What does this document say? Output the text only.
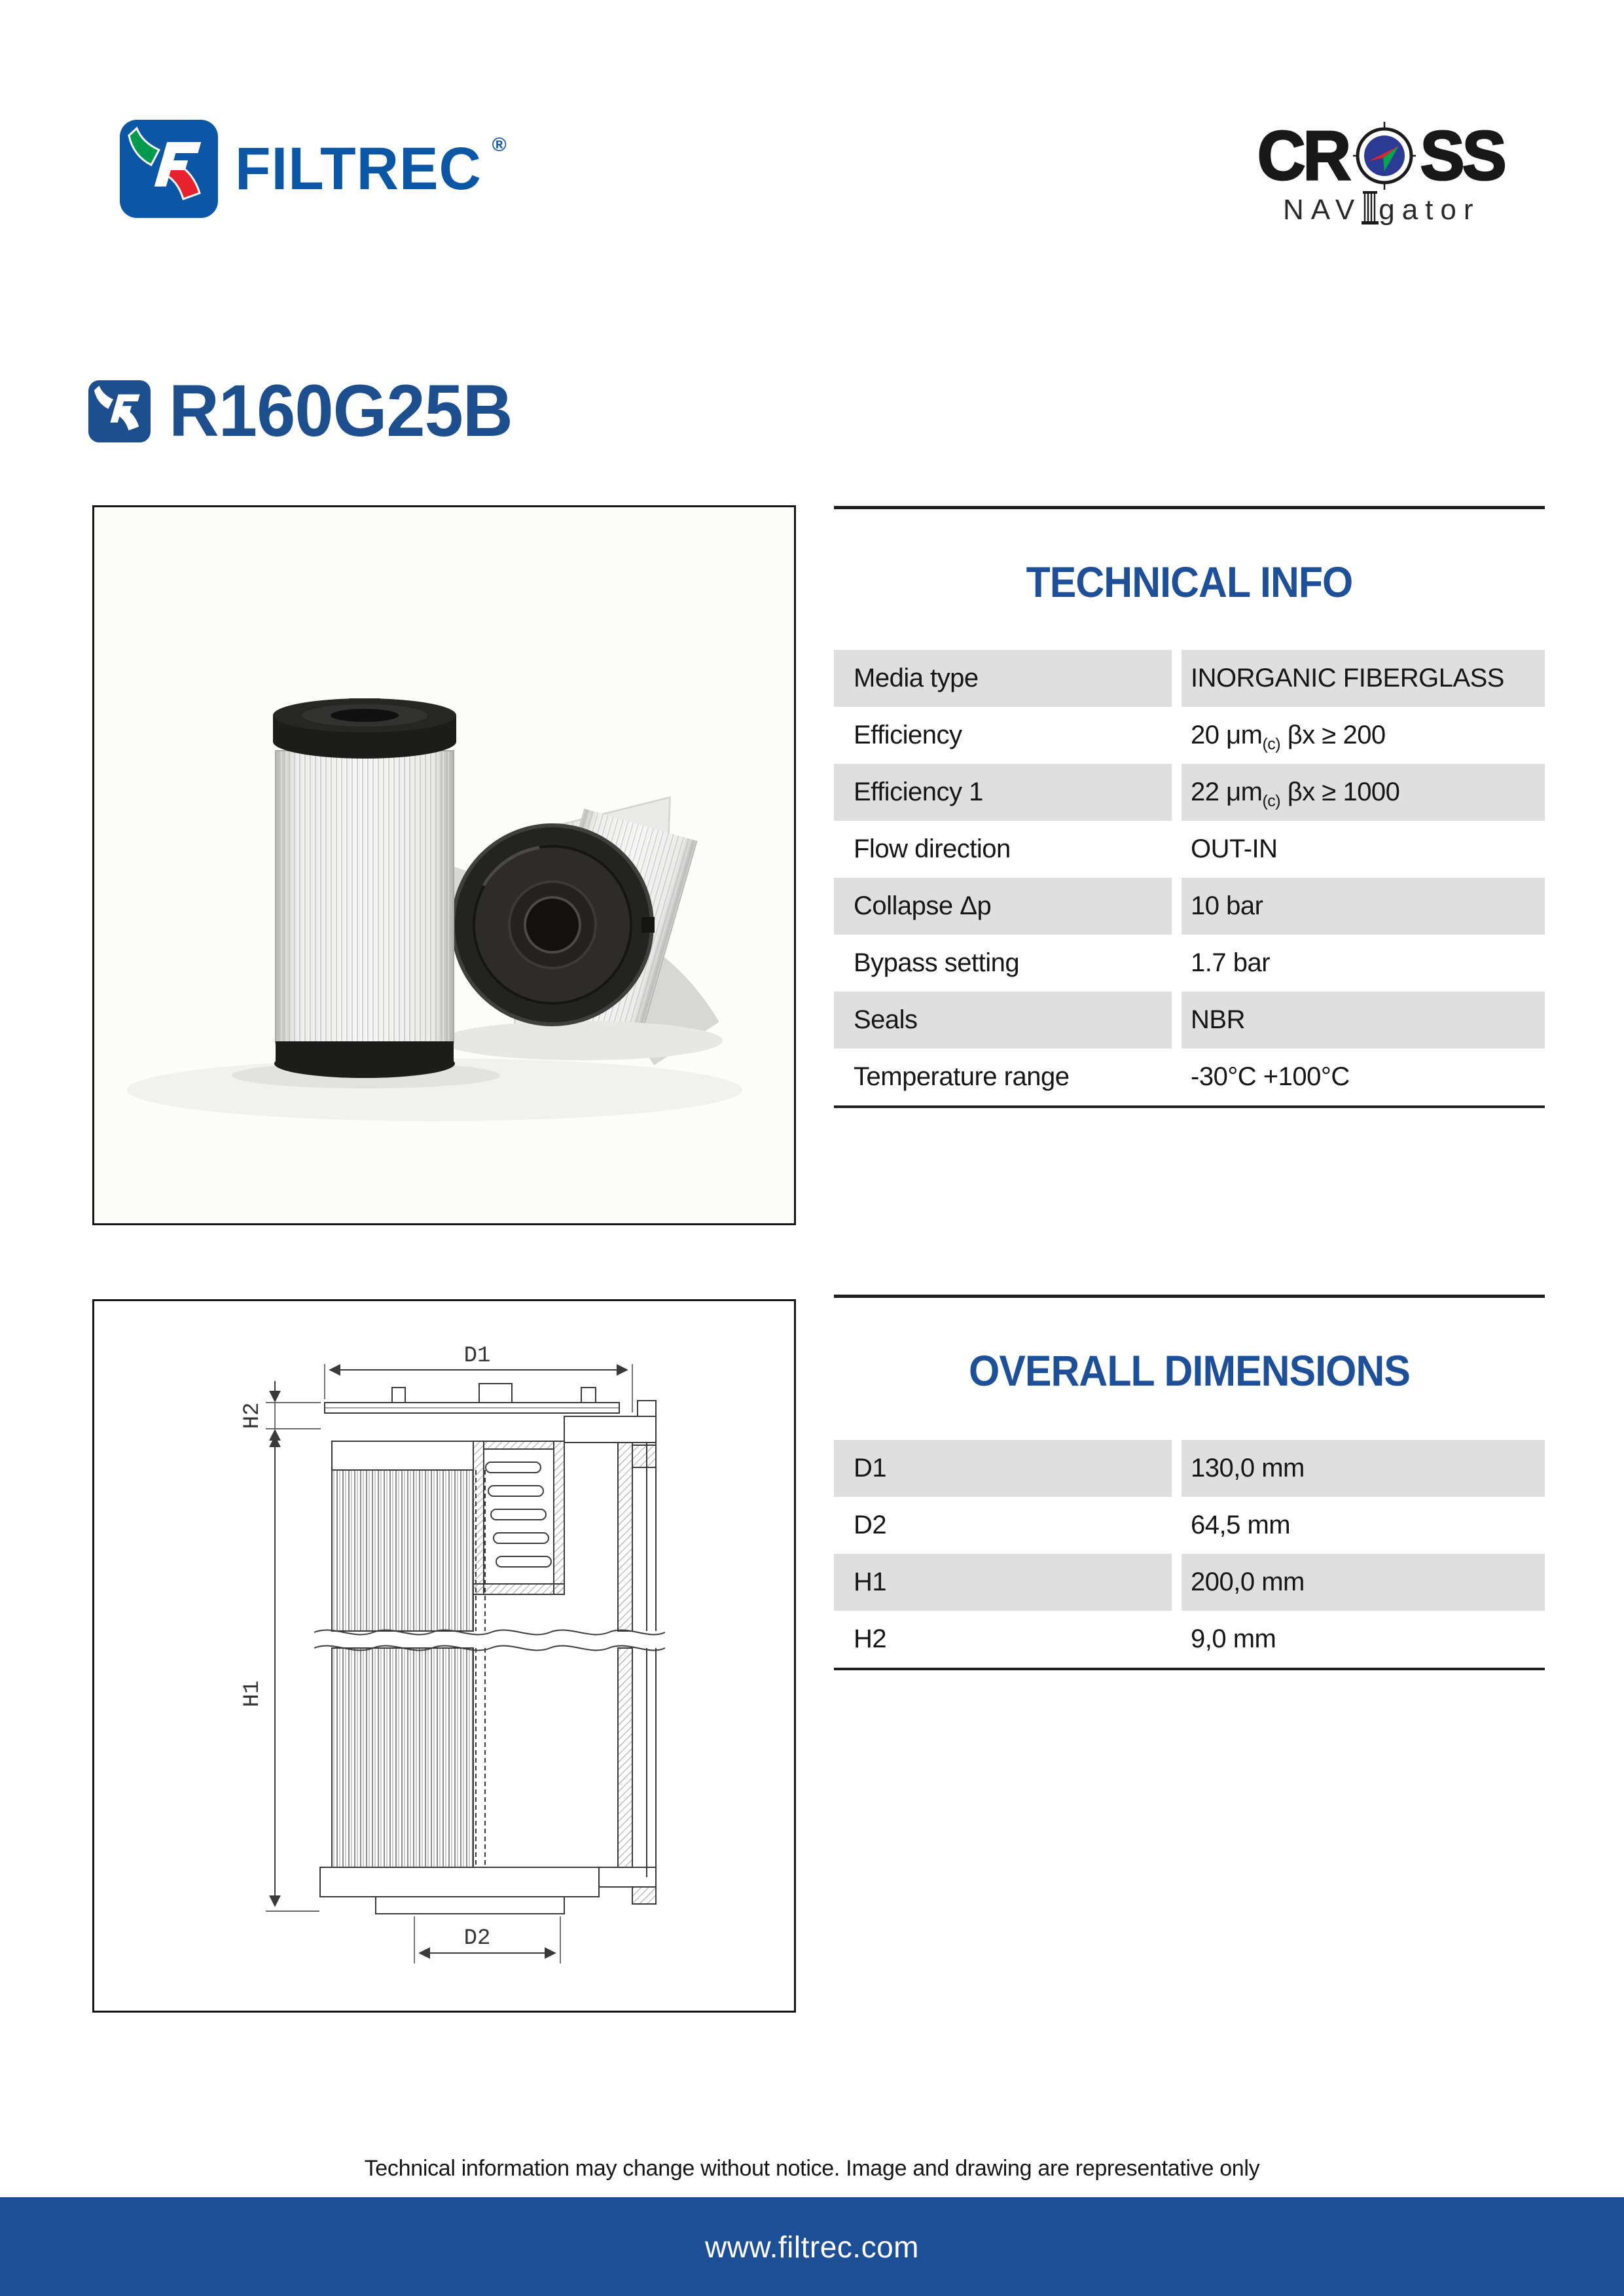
FILTREC ®	CR SS
NAV gator
R160G25B
TECHNICAL INFO
Media type	INORGANIC FIBERGLASS
Efficiency	20 μm (c) βx ≥ 200
Efficiency 1	22 μm (c) βx ≥ 1000
Flow direction	OUT-IN
Collapse Δp	10 bar
Bypass setting	1.7 bar
Seals	NBR
Temperature range	-30°C +100°C
D1
H2
H1
D2
OVERALL DIMENSIONS
D1	130,0 mm
D2	64,5 mm
H1	200,0 mm
H2	9,0 mm
Technical information may change without notice. Image and drawing are representative only
www.filtrec.com
